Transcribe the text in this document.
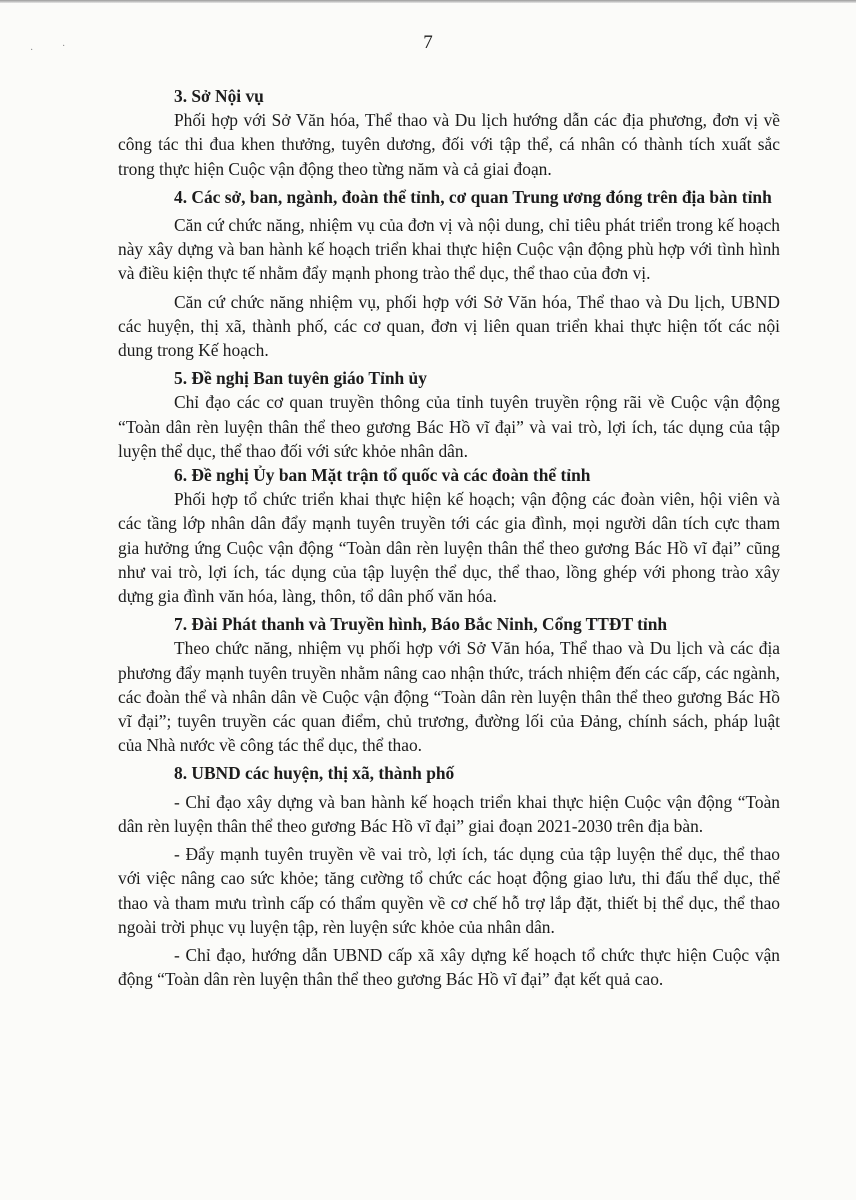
·	·	7
3. Sở Nội vụ

Phối hợp với Sở Văn hóa, Thể thao và Du lịch hướng dẫn các địa phương, đơn vị về công tác thi đua khen thưởng, tuyên dương, đối với tập thể, cá nhân có thành tích xuất sắc trong thực hiện Cuộc vận động theo từng năm và cả giai đoạn.

4. Các sở, ban, ngành, đoàn thể tỉnh, cơ quan Trung ương đóng trên địa bàn tỉnh

Căn cứ chức năng, nhiệm vụ của đơn vị và nội dung, chỉ tiêu phát triển trong kế hoạch này xây dựng và ban hành kế hoạch triển khai thực hiện Cuộc vận động phù hợp với tình hình và điều kiện thực tế nhằm đẩy mạnh phong trào thể dục, thể thao của đơn vị.

Căn cứ chức năng nhiệm vụ, phối hợp với Sở Văn hóa, Thể thao và Du lịch, UBND các huyện, thị xã, thành phố, các cơ quan, đơn vị liên quan triển khai thực hiện tốt các nội dung trong Kế hoạch.

5. Đề nghị Ban tuyên giáo Tỉnh ủy

Chỉ đạo các cơ quan truyền thông của tỉnh tuyên truyền rộng rãi về Cuộc vận động “Toàn dân rèn luyện thân thể theo gương Bác Hồ vĩ đại” và vai trò, lợi ích, tác dụng của tập luyện thể dục, thể thao đối với sức khỏe nhân dân.

6. Đề nghị Ủy ban Mặt trận tổ quốc và các đoàn thể tỉnh

Phối hợp tổ chức triển khai thực hiện kế hoạch; vận động các đoàn viên, hội viên và các tầng lớp nhân dân đẩy mạnh tuyên truyền tới các gia đình, mọi người dân tích cực tham gia hưởng ứng Cuộc vận động “Toàn dân rèn luyện thân thể theo gương Bác Hồ vĩ đại” cũng như vai trò, lợi ích, tác dụng của tập luyện thể dục, thể thao, lồng ghép với phong trào xây dựng gia đình văn hóa, làng, thôn, tổ dân phố văn hóa.

7. Đài Phát thanh và Truyền hình, Báo Bắc Ninh, Cổng TTĐT tỉnh

Theo chức năng, nhiệm vụ phối hợp với Sở Văn hóa, Thể thao và Du lịch và các địa phương đẩy mạnh tuyên truyền nhằm nâng cao nhận thức, trách nhiệm đến các cấp, các ngành, các đoàn thể và nhân dân về Cuộc vận động “Toàn dân rèn luyện thân thể theo gương Bác Hồ vĩ đại”; tuyên truyền các quan điểm, chủ trương, đường lối của Đảng, chính sách, pháp luật của Nhà nước về công tác thể dục, thể thao.

8. UBND các huyện, thị xã, thành phố

- Chỉ đạo xây dựng và ban hành kế hoạch triển khai thực hiện Cuộc vận động “Toàn dân rèn luyện thân thể theo gương Bác Hồ vĩ đại” giai đoạn 2021-2030 trên địa bàn.

- Đẩy mạnh tuyên truyền về vai trò, lợi ích, tác dụng của tập luyện thể dục, thể thao với việc nâng cao sức khỏe; tăng cường tổ chức các hoạt động giao lưu, thi đấu thể dục, thể thao và tham mưu trình cấp có thẩm quyền về cơ chế hỗ trợ lắp đặt, thiết bị thể dục, thể thao ngoài trời phục vụ luyện tập, rèn luyện sức khỏe của nhân dân.

- Chỉ đạo, hướng dẫn UBND cấp xã xây dựng kế hoạch tổ chức thực hiện Cuộc vận động “Toàn dân rèn luyện thân thể theo gương Bác Hồ vĩ đại” đạt kết quả cao.
